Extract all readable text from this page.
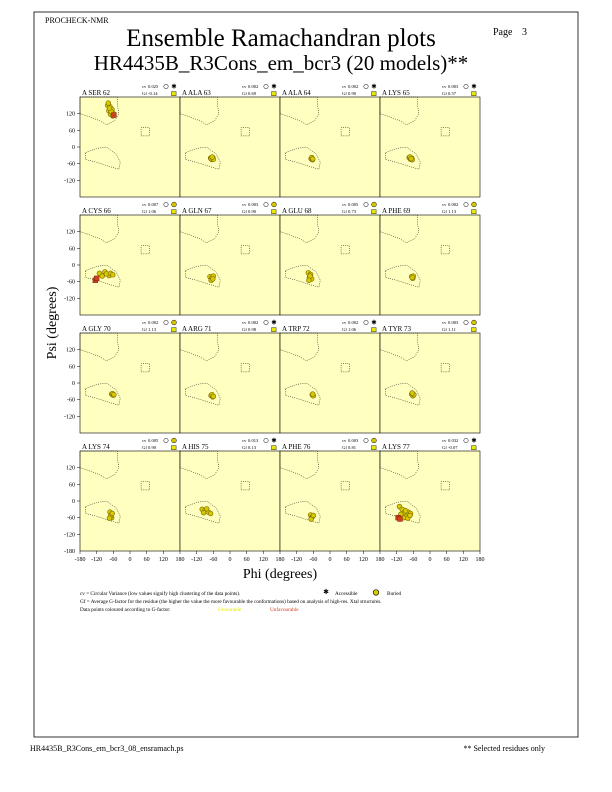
PROCHECK-NMR
Page 3
Ensemble Ramachandran plots
HR4435B_R3Cons_em_bcr3 (20 models)**
A SER 62
cv 0.025
Gf -0.14
✱
120
60
0
-60
-120
A ALA 63
cv 0.002
Gf 0.69
✱
A ALA 64
cv 0.002
Gf 0.90
✱
A LYS 65
cv 0.003
Gf 0.57
✱
A CYS 66
cv 0.007
Gf 1.06
120
60
0
-60
-120
A GLN 67
cv 0.003
Gf 0.90	A GLU 68
cv 0.005
Gf 0.73	A PHE 69
cv 0.002
Gf 1.13
A GLY 70
cv 0.002
Gf 1.13
120
60
0
-60
-120
A ARG 71
cv 0.002
Gf 0.98
✱
A TRP 72
cv 0.002
Gf 1.06
✱
A TYR 73
cv 0.003
Gf 1.11
A LYS 74
cv 0.005
Gf 0.90
120
60
0
-60
-120
-180
-180 -120 -60 0 60 120 180
A HIS 75
cv 0.013
Gf 0.13
✱
-120 -60 0 60 120 180
A PHE 76
cv 0.003
Gf 0.81
-120 -60 0 60 120 180
A LYS 77
cv 0.032
Gf -0.07
✱
-120 -60 0 60 120 180
Phi (degrees)
Psi (degrees)
cv = Circular Variance (low values signify high clustering of the data points).	✱ Accessible	Buried
Gf = Average G-factor for the residue (the higher the value the more favourable the conformations) based on analysis of high-res. Xtal structures.
Data points coloured according to G-factor:	Favourable	Unfavourable
HR4435B_R3Cons_em_bcr3_08_ensramach.ps	** Selected residues only
